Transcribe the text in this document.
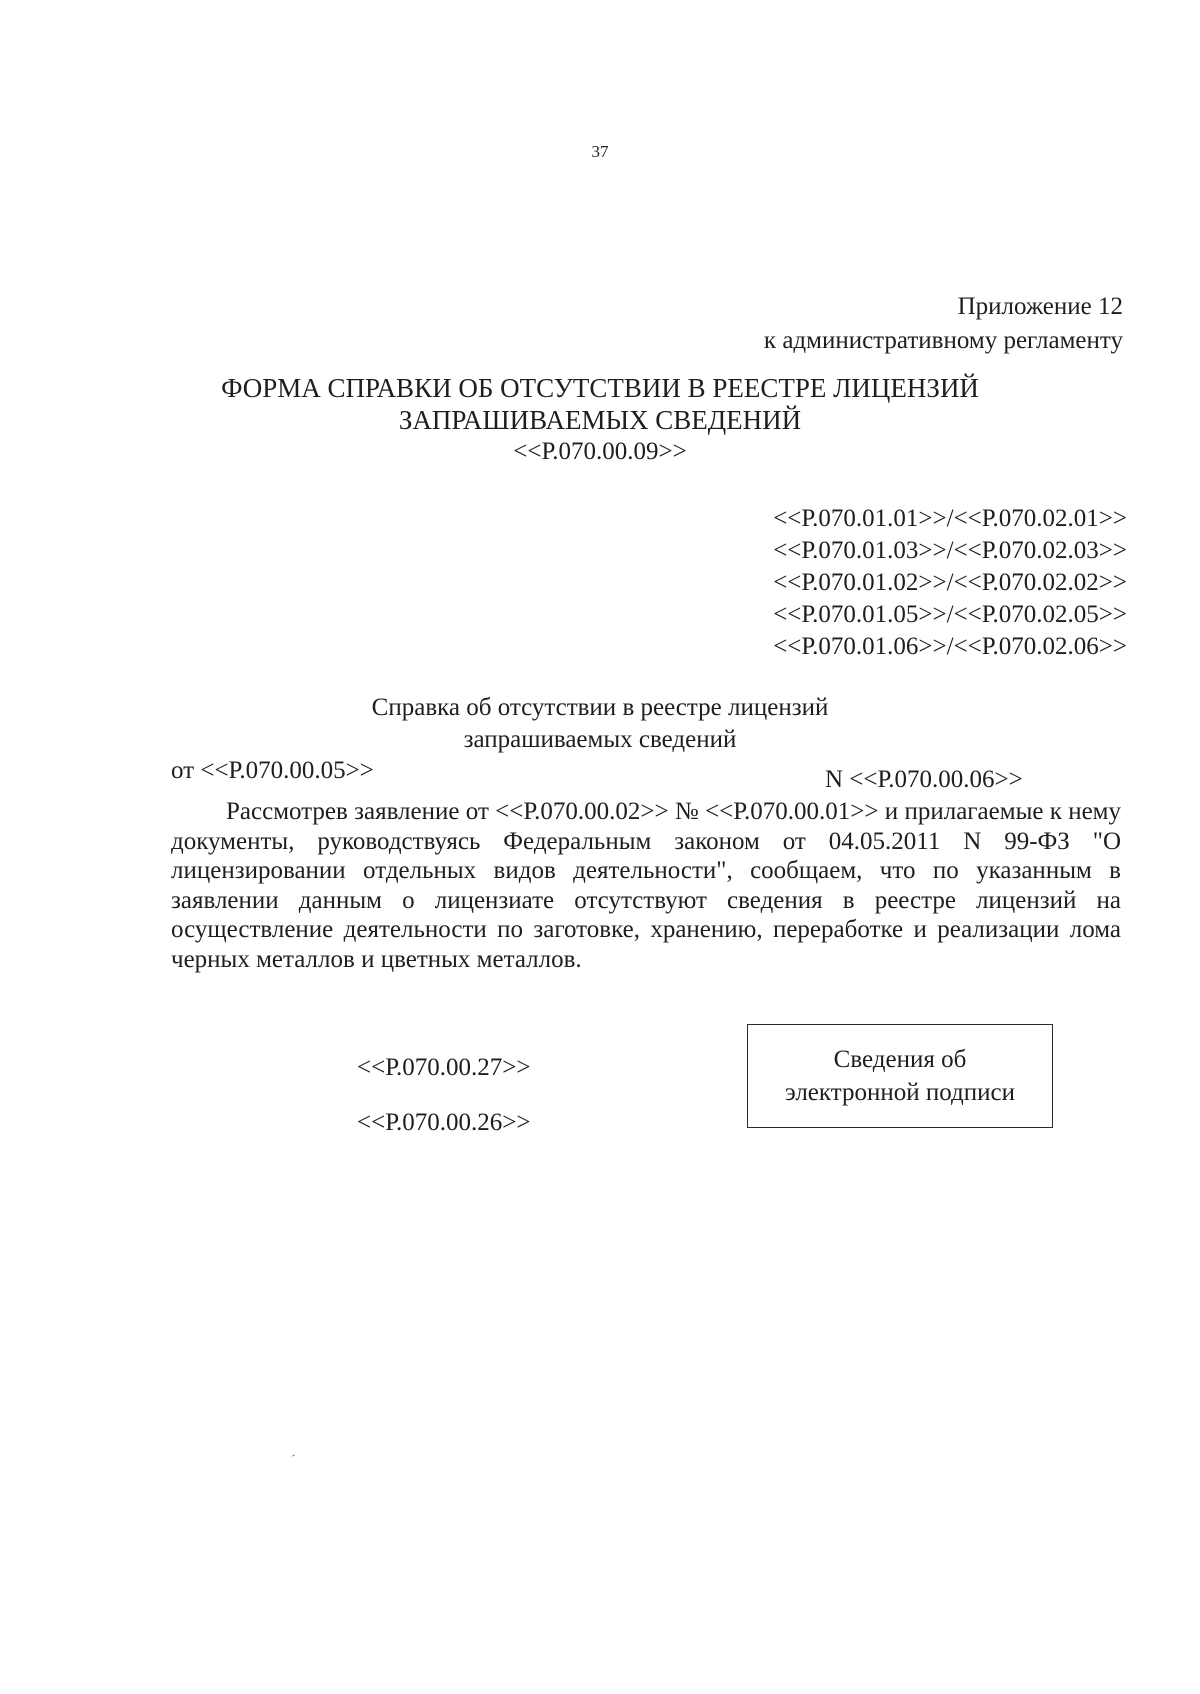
37
Приложение 12
к административному регламенту
ФОРМА СПРАВКИ ОБ ОТСУТСТВИИ В РЕЕСТРЕ ЛИЦЕНЗИЙ
ЗАПРАШИВАЕМЫХ СВЕДЕНИЙ
<<Р.070.00.09>>
<<Р.070.01.01>>/<<Р.070.02.01>>
<<Р.070.01.03>>/<<Р.070.02.03>>
<<Р.070.01.02>>/<<Р.070.02.02>>
<<Р.070.01.05>>/<<Р.070.02.05>>
<<Р.070.01.06>>/<<Р.070.02.06>>
Справка об отсутствии в реестре лицензий
запрашиваемых сведений
от <<Р.070.00.05>>	N <<Р.070.00.06>>

Рассмотрев заявление от <<Р.070.00.02>> № <<Р.070.00.01>> и прилагаемые к нему документы, руководствуясь Федеральным законом от 04.05.2011 N 99-ФЗ "О лицензировании отдельных видов деятельности", сообщаем, что по указанным в заявлении данным о лицензиате отсутствуют сведения в реестре лицензий на осуществление деятельности по заготовке, хранению, переработке и реализации лома черных металлов и цветных металлов.

<<Р.070.00.27>>
<<Р.070.00.26>>
Сведения об
электронной подписи
